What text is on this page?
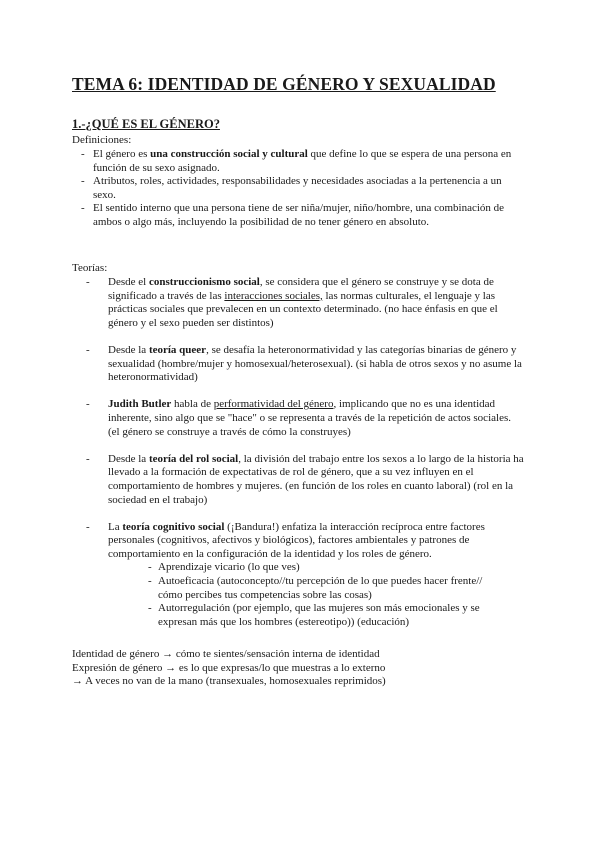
TEMA 6: IDENTIDAD DE GÉNERO Y SEXUALIDAD
1.-¿QUÉ ES EL GÉNERO?
Definiciones:
- El género es una construcción social y cultural que define lo que se espera de una persona en función de su sexo asignado.
- Atributos, roles, actividades, responsabilidades y necesidades asociadas a la pertenencia a un sexo.
- El sentido interno que una persona tiene de ser niña/mujer, niño/hombre, una combinación de ambos o algo más, incluyendo la posibilidad de no tener género en absoluto.
Teorías:
- Desde el construccionismo social, se considera que el género se construye y se dota de significado a través de las interacciones sociales, las normas culturales, el lenguaje y las prácticas sociales que prevalecen en un contexto determinado. (no hace énfasis en que el género y el sexo pueden ser distintos)
- Desde la teoría queer, se desafía la heteronormatividad y las categorías binarias de género y sexualidad (hombre/mujer y homosexual/heterosexual). (si habla de otros sexos y no asume la heteronormatividad)
- Judith Butler habla de performatividad del género, implicando que no es una identidad inherente, sino algo que se "hace" o se representa a través de la repetición de actos sociales. (el género se construye a través de cómo la construyes)
- Desde la teoría del rol social, la división del trabajo entre los sexos a lo largo de la historia ha llevado a la formación de expectativas de rol de género, que a su vez influyen en el comportamiento de hombres y mujeres. (en función de los roles en cuanto laboral) (rol en la sociedad en el trabajo)
- La teoría cognitivo social (¡Bandura!) enfatiza la interacción recíproca entre factores personales (cognitivos, afectivos y biológicos), factores ambientales y patrones de comportamiento en la configuración de la identidad y los roles de género.
- Aprendizaje vicario (lo que ves)
- Autoeficacia (autoconcepto//tu percepción de lo que puedes hacer frente// cómo percibes tus competencias sobre las cosas)
- Autorregulación (por ejemplo, que las mujeres son más emocionales y se expresan más que los hombres (estereotipo)) (educación)
Identidad de género → cómo te sientes/sensación interna de identidad
Expresión de género → es lo que expresas/lo que muestras a lo externo
→ A veces no van de la mano (transexuales, homosexuales reprimidos)
